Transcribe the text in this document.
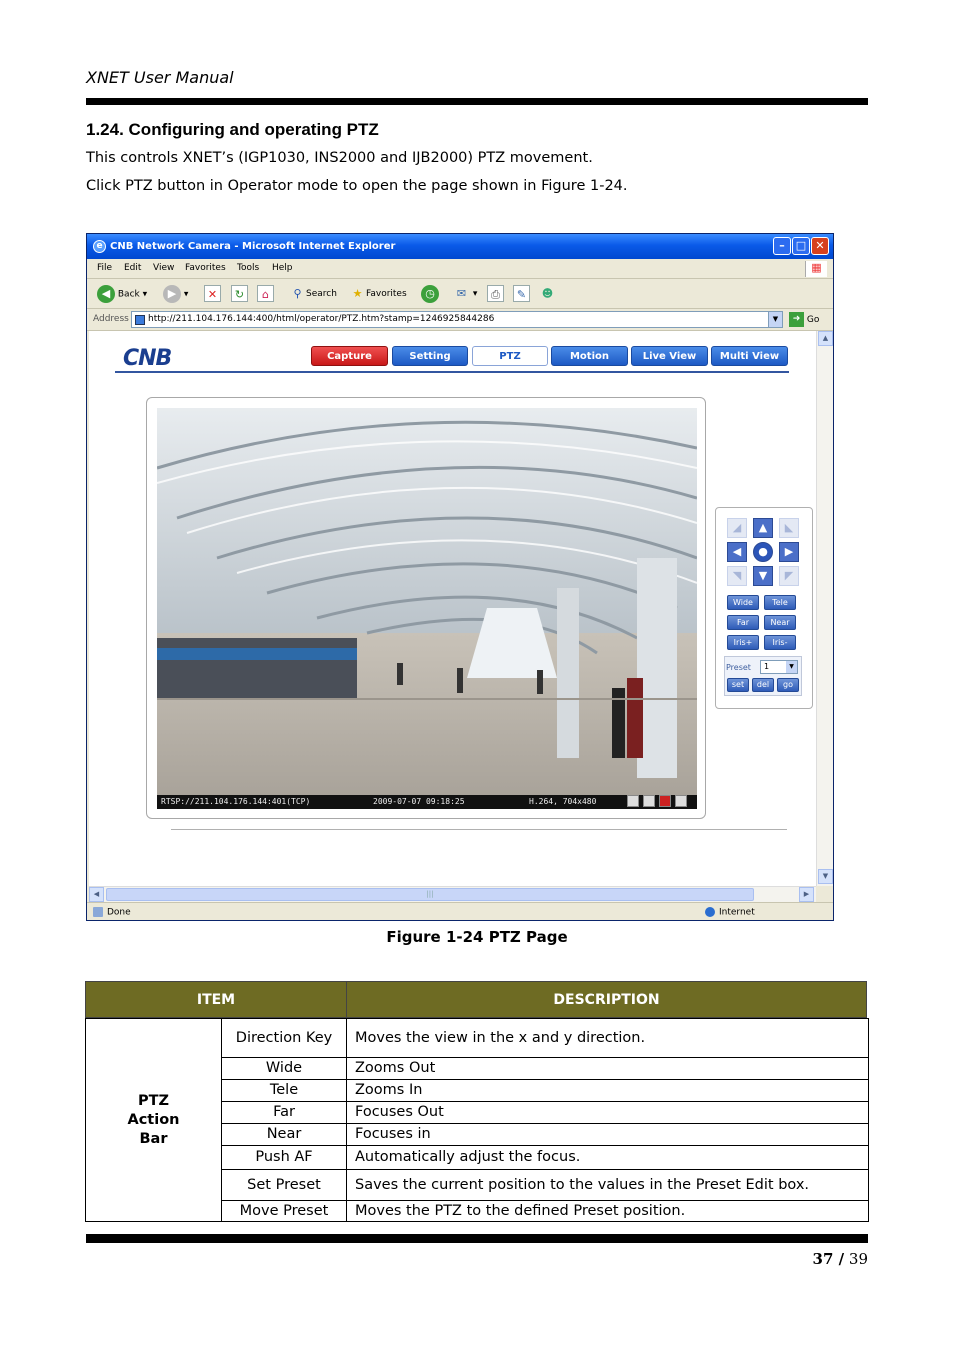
XNET User Manual
1.24. Configuring and operating PTZ
This controls XNET’s (IGP1030, INS2000 and IJB2000) PTZ movement.
Click PTZ button in Operator mode to open the page shown in Figure 1-24.
e CNB Network Camera - Microsoft Internet Explorer	–	□ ✕
File Edit View Favorites Tools Help	▦
◀ Back ▾	▶ ▾	✕	↻	⌂	⚲ Search	★ Favorites	◷	✉ ▾	⎙	✎	☻
Address	http://211.104.176.144:400/html/operator/PTZ.htm?stamp=1246925844286	▼	➜ Go
CNB	Capture	Setting	PTZ	Motion	Live View	Multi View
RTSP://211.104.176.144:401(TCP)	2009-07-07 09:18:25	H.264, 704x480
◢	▲	◣
◀	●	▶
◥	▼	◤
Wide	Tele
Far	Near
Iris+	Iris-
Preset	1	▼
set	del	go
▲
▼
◀	|||	▶
Done	Internet
Figure 1-24 PTZ Page
ITEM	DESCRIPTION
PTZ Action Bar
Direction Key	Moves the view in the x and y direction.
Wide	Zooms Out
Tele	Zooms In
Far	Focuses Out
Near	Focuses in
Push AF	Automatically adjust the focus.
Set Preset	Saves the current position to the values in the Preset Edit box.
Move Preset	Moves the PTZ to the defined Preset position.
37 / 39
